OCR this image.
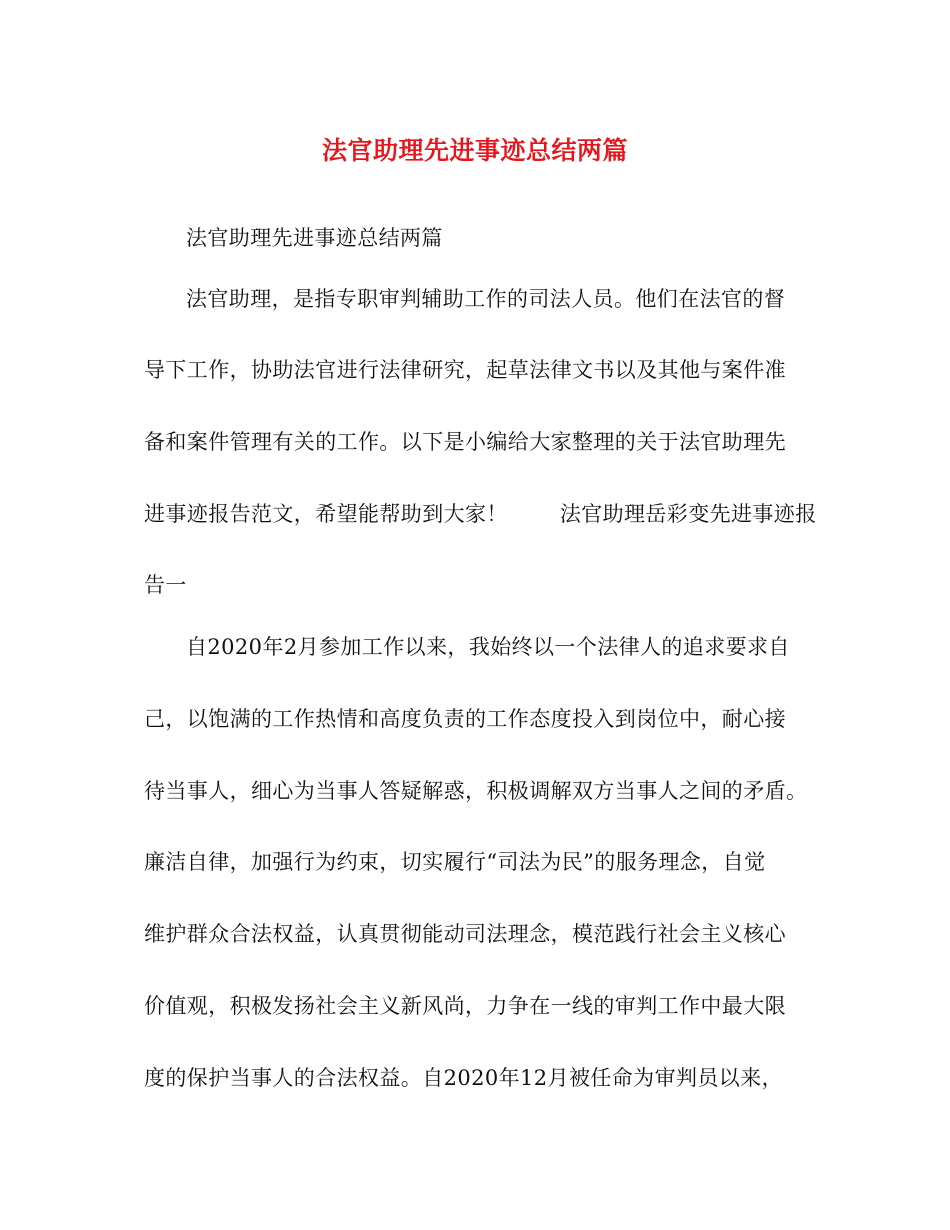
法官助理先进事迹总结两篇

法官助理先进事迹总结两篇

法官助理，是指专职审判辅助工作的司法人员。他们在法官的督

导下工作，协助法官进行法律研究，起草法律文书以及其他与案件准

备和案件管理有关的工作。以下是小编给大家整理的关于法官助理先

进事迹报告范文，希望能帮助到大家！ 法官助理岳彩变先进事迹报

告一

自2020年2月参加工作以来，我始终以一个法律人的追求要求自

己，以饱满的工作热情和高度负责的工作态度投入到岗位中，耐心接

待当事人，细心为当事人答疑解惑，积极调解双方当事人之间的矛盾。

廉洁自律，加强行为约束，切实履行“司法为民”的服务理念，自觉

维护群众合法权益，认真贯彻能动司法理念，模范践行社会主义核心

价值观，积极发扬社会主义新风尚，力争在一线的审判工作中最大限

度的保护当事人的合法权益。自2020年12月被任命为审判员以来，
